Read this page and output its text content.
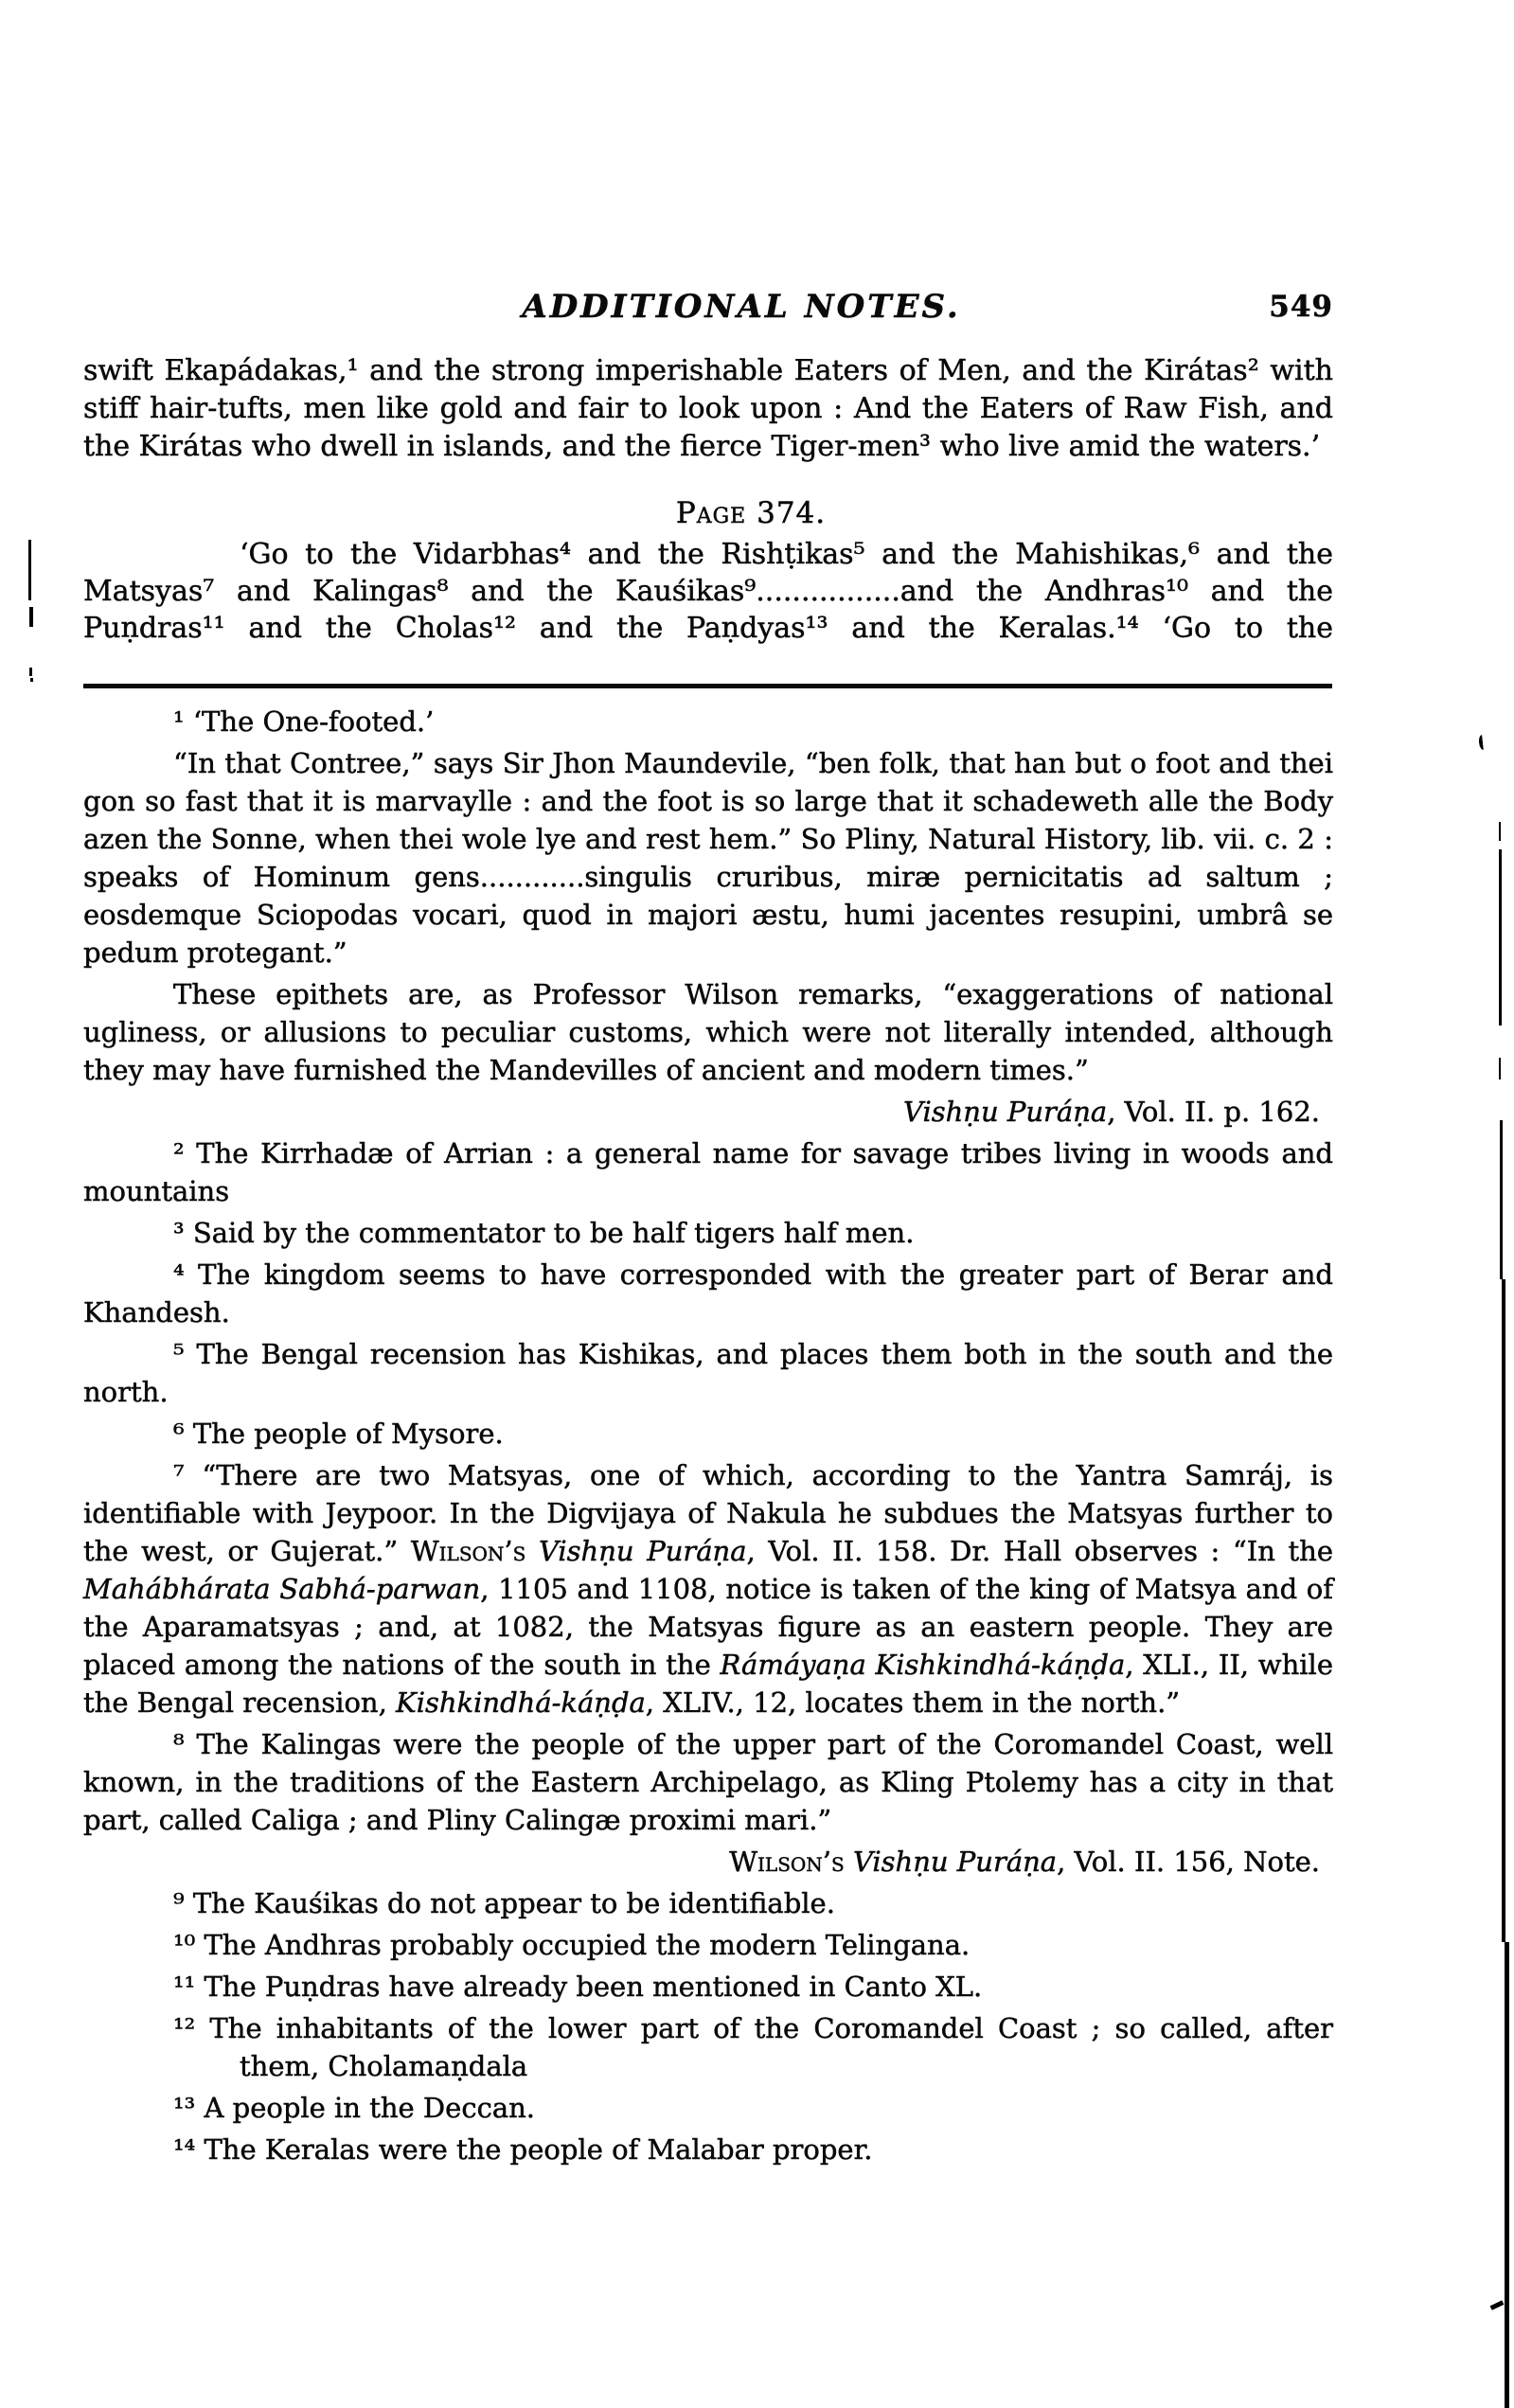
ADDITIONAL NOTES.	549

swift Ekapádakas,¹ and the strong imperishable Eaters of Men, and the Kirátas² with stiff hair-tufts, men like gold and fair to look upon : And the Eaters of Raw Fish, and the Kirátas who dwell in islands, and the fierce Tiger-men³ who live amid the waters.’

Page 374.

‘Go to the Vidarbhas⁴ and the Rishṭikas⁵ and the Mahishikas,⁶ and the Matsyas⁷ and Kalingas⁸ and the Kauśikas⁹................and the Andhras¹⁰ and the Puṇdras¹¹ and the Cholas¹² and the Paṇdyas¹³ and the Keralas.¹⁴ ‘Go to the

¹ ‘The One-footed.’

“In that Contree,” says Sir Jhon Maundevile, “ben folk, that han but o foot and thei gon so fast that it is marvaylle : and the foot is so large that it schadeweth alle the Body azen the Sonne, when thei wole lye and rest hem.” So Pliny, Natural History, lib. vii. c. 2 : speaks of Hominum gens............singulis cruribus, miræ pernicitatis ad saltum ; eosdemque Sciopodas vocari, quod in majori æstu, humi jacentes resupini, umbrâ se pedum protegant.”

These epithets are, as Professor Wilson remarks, “exaggerations of national ugliness, or allusions to peculiar customs, which were not literally intended, although they may have furnished the Mandevilles of ancient and modern times.”

Vishṇu Puráṇa, Vol. II. p. 162.

² The Kirrhadæ of Arrian : a general name for savage tribes living in woods and mountains

³ Said by the commentator to be half tigers half men.

⁴ The kingdom seems to have corresponded with the greater part of Berar and Khandesh.

⁵ The Bengal recension has Kishikas, and places them both in the south and the north.

⁶ The people of Mysore.

⁷ “There are two Matsyas, one of which, according to the Yantra Samráj, is identifiable with Jeypoor. In the Digvijaya of Nakula he subdues the Matsyas further to the west, or Gujerat.” Wilson’s Vishṇu Puráṇa, Vol. II. 158. Dr. Hall observes : “In the Mahábhárata Sabhá-parwan, 1105 and 1108, notice is taken of the king of Matsya and of the Aparamatsyas ; and, at 1082, the Matsyas figure as an eastern people. They are placed among the nations of the south in the Rámáyaṇa Kishkindhá-káṇḍa, XLI., II, while the Bengal recension, Kishkindhá-káṇḍa, XLIV., 12, locates them in the north.”

⁸ The Kalingas were the people of the upper part of the Coromandel Coast, well known, in the traditions of the Eastern Archipelago, as Kling Ptolemy has a city in that part, called Caliga ; and Pliny Calingæ proximi mari.”

Wilson’s Vishṇu Puráṇa, Vol. II. 156, Note.

⁹ The Kauśikas do not appear to be identifiable.

¹⁰ The Andhras probably occupied the modern Telingana.

¹¹ The Puṇdras have already been mentioned in Canto XL.

¹² The inhabitants of the lower part of the Coromandel Coast ; so called, after them, Cholamaṇdala

¹³ A people in the Deccan.

¹⁴ The Keralas were the people of Malabar proper.
